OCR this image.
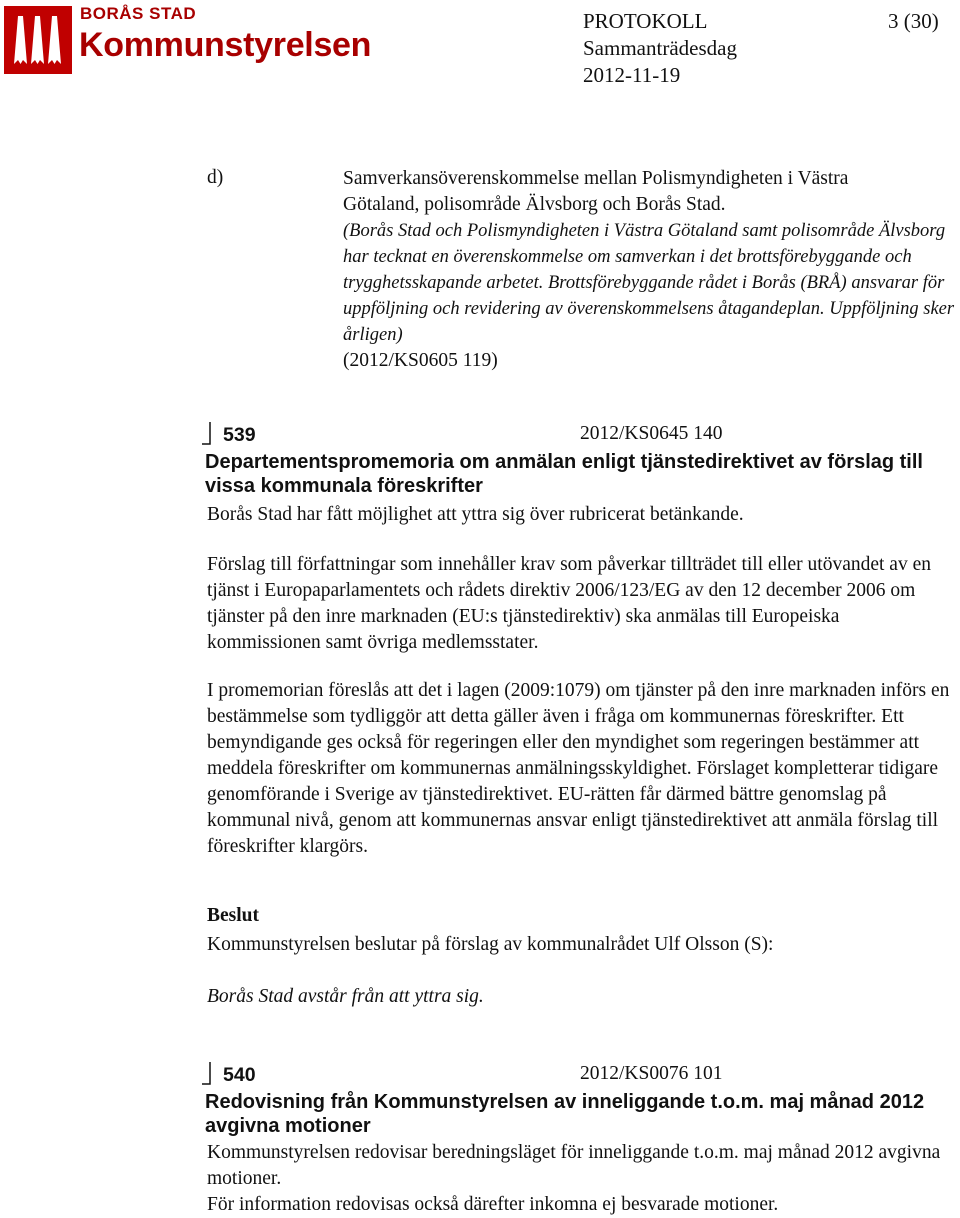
BORÅS STAD
Kommunstyrelsen
PROTOKOLL	3 (30)
Sammanträdesdag
2012-11-19
d)	Samverkansöverenskommelse mellan Polismyndigheten i Västra

Götaland, polisområde Älvsborg och Borås Stad.

(Borås Stad och Polismyndigheten i Västra Götaland samt polisområde Älvsborg har tecknat en överenskommelse om samverkan i det brottsförebyggande och trygghetsskapande arbetet. Brottsförebyggande rådet i Borås (BRÅ) ansvarar för uppföljning och revidering av överenskommelsens åtagandeplan. Uppföljning sker årligen)

(2012/KS0605 119)

539	2012/KS0645 140
Departementspromemoria om anmälan enligt tjänstedirektivet av förslag till vissa kommunala föreskrifter
Borås Stad har fått möjlighet att yttra sig över rubricerat betänkande.
Förslag till författningar som innehåller krav som påverkar tillträdet till eller utövandet av en tjänst i Europaparlamentets och rådets direktiv 2006/123/EG av den 12 december 2006 om tjänster på den inre marknaden (EU:s tjänstedirektiv) ska anmälas till Europeiska kommissionen samt övriga medlemsstater.
I promemorian föreslås att det i lagen (2009:1079) om tjänster på den inre marknaden införs en bestämmelse som tydliggör att detta gäller även i fråga om kommunernas föreskrifter. Ett bemyndigande ges också för regeringen eller den myndighet som regeringen bestämmer att meddela föreskrifter om kommunernas anmälningsskyldighet. Förslaget kompletterar tidigare genomförande i Sverige av tjänstedirektivet. EU-rätten får därmed bättre genomslag på kommunal nivå, genom att kommunernas ansvar enligt tjänstedirektivet att anmäla förslag till föreskrifter klargörs.
Beslut
Kommunstyrelsen beslutar på förslag av kommunalrådet Ulf Olsson (S):
Borås Stad avstår från att yttra sig.
540	2012/KS0076 101
Redovisning från Kommunstyrelsen av inneliggande t.o.m. maj månad 2012 avgivna motioner
Kommunstyrelsen redovisar beredningsläget för inneliggande t.o.m. maj månad 2012 avgivna motioner.
För information redovisas också därefter inkomna ej besvarade motioner.
